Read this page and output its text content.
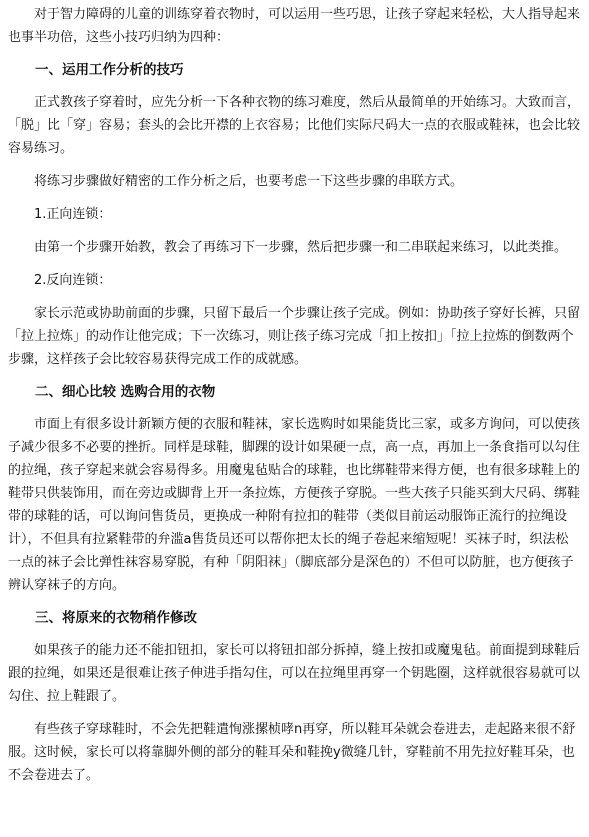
对于智力障碍的儿童的训练穿着衣物时，可以运用一些巧思，让孩子穿起来轻松，大人指导起来也事半功倍，这些小技巧归纳为四种：

一、运用工作分析的技巧

正式教孩子穿着时，应先分析一下各种衣物的练习难度，然后从最简单的开始练习。大致而言，「脱」比「穿」容易；套头的会比开襟的上衣容易；比他们实际尺码大一点的衣服或鞋袜，也会比较容易练习。

将练习步骤做好精密的工作分析之后，也要考虑一下这些步骤的串联方式。

1.正向连锁：

由第一个步骤开始教，教会了再练习下一步骤，然后把步骤一和二串联起来练习，以此类推。

2.反向连锁：

家长示范或协助前面的步骤，只留下最后一个步骤让孩子完成。例如：协助孩子穿好长裤，只留「拉上拉炼」的动作让他完成；下一次练习，则让孩子练习完成「扣上按扣」「拉上拉炼的倒数两个步骤，这样孩子会比较容易获得完成工作的成就感。

二、细心比较 选购合用的衣物

市面上有很多设计新颖方便的衣服和鞋袜，家长选购时如果能货比三家，或多方询问，可以使孩子减少很多不必要的挫折。同样是球鞋，脚踝的设计如果硬一点，高一点，再加上一条食指可以勾住的拉绳，孩子穿起来就会容易得多。用魔鬼毡贴合的球鞋，也比绑鞋带来得方便，也有很多球鞋上的鞋带只供装饰用，而在旁边或脚背上开一条拉炼，方便孩子穿脱。一些大孩子只能买到大尺码、绑鞋带的球鞋的话，可以询问售货员，更换成一种附有拉扣的鞋带（类似目前运动服饰正流行的拉绳设计），不但具有拉紧鞋带的弁滥a售货员还可以帮你把太长的绳子卷起来缩短呢！买袜子时，织法松一点的袜子会比弹性袜容易穿脱，有种「阴阳袜」（脚底部分是深色的）不但可以防脏，也方便孩子辨认穿袜子的方向。

三、将原来的衣物稍作修改

如果孩子的能力还不能扣钮扣，家长可以将钮扣部分拆掉，缝上按扣或魔鬼毡。前面提到球鞋后跟的拉绳，如果还是很难让孩子伸进手指勾住，可以在拉绳里再穿一个钥匙圈，这样就很容易就可以勾住、拉上鞋跟了。

有些孩子穿球鞋时，不会先把鞋遣恂涨摞桢哮n再穿，所以鞋耳朵就会卷进去，走起路来很不舒服。这时候，家长可以将靠脚外侧的部分的鞋耳朵和鞋挽y微缝几针，穿鞋前不用先拉好鞋耳朵，也不会卷进去了。
